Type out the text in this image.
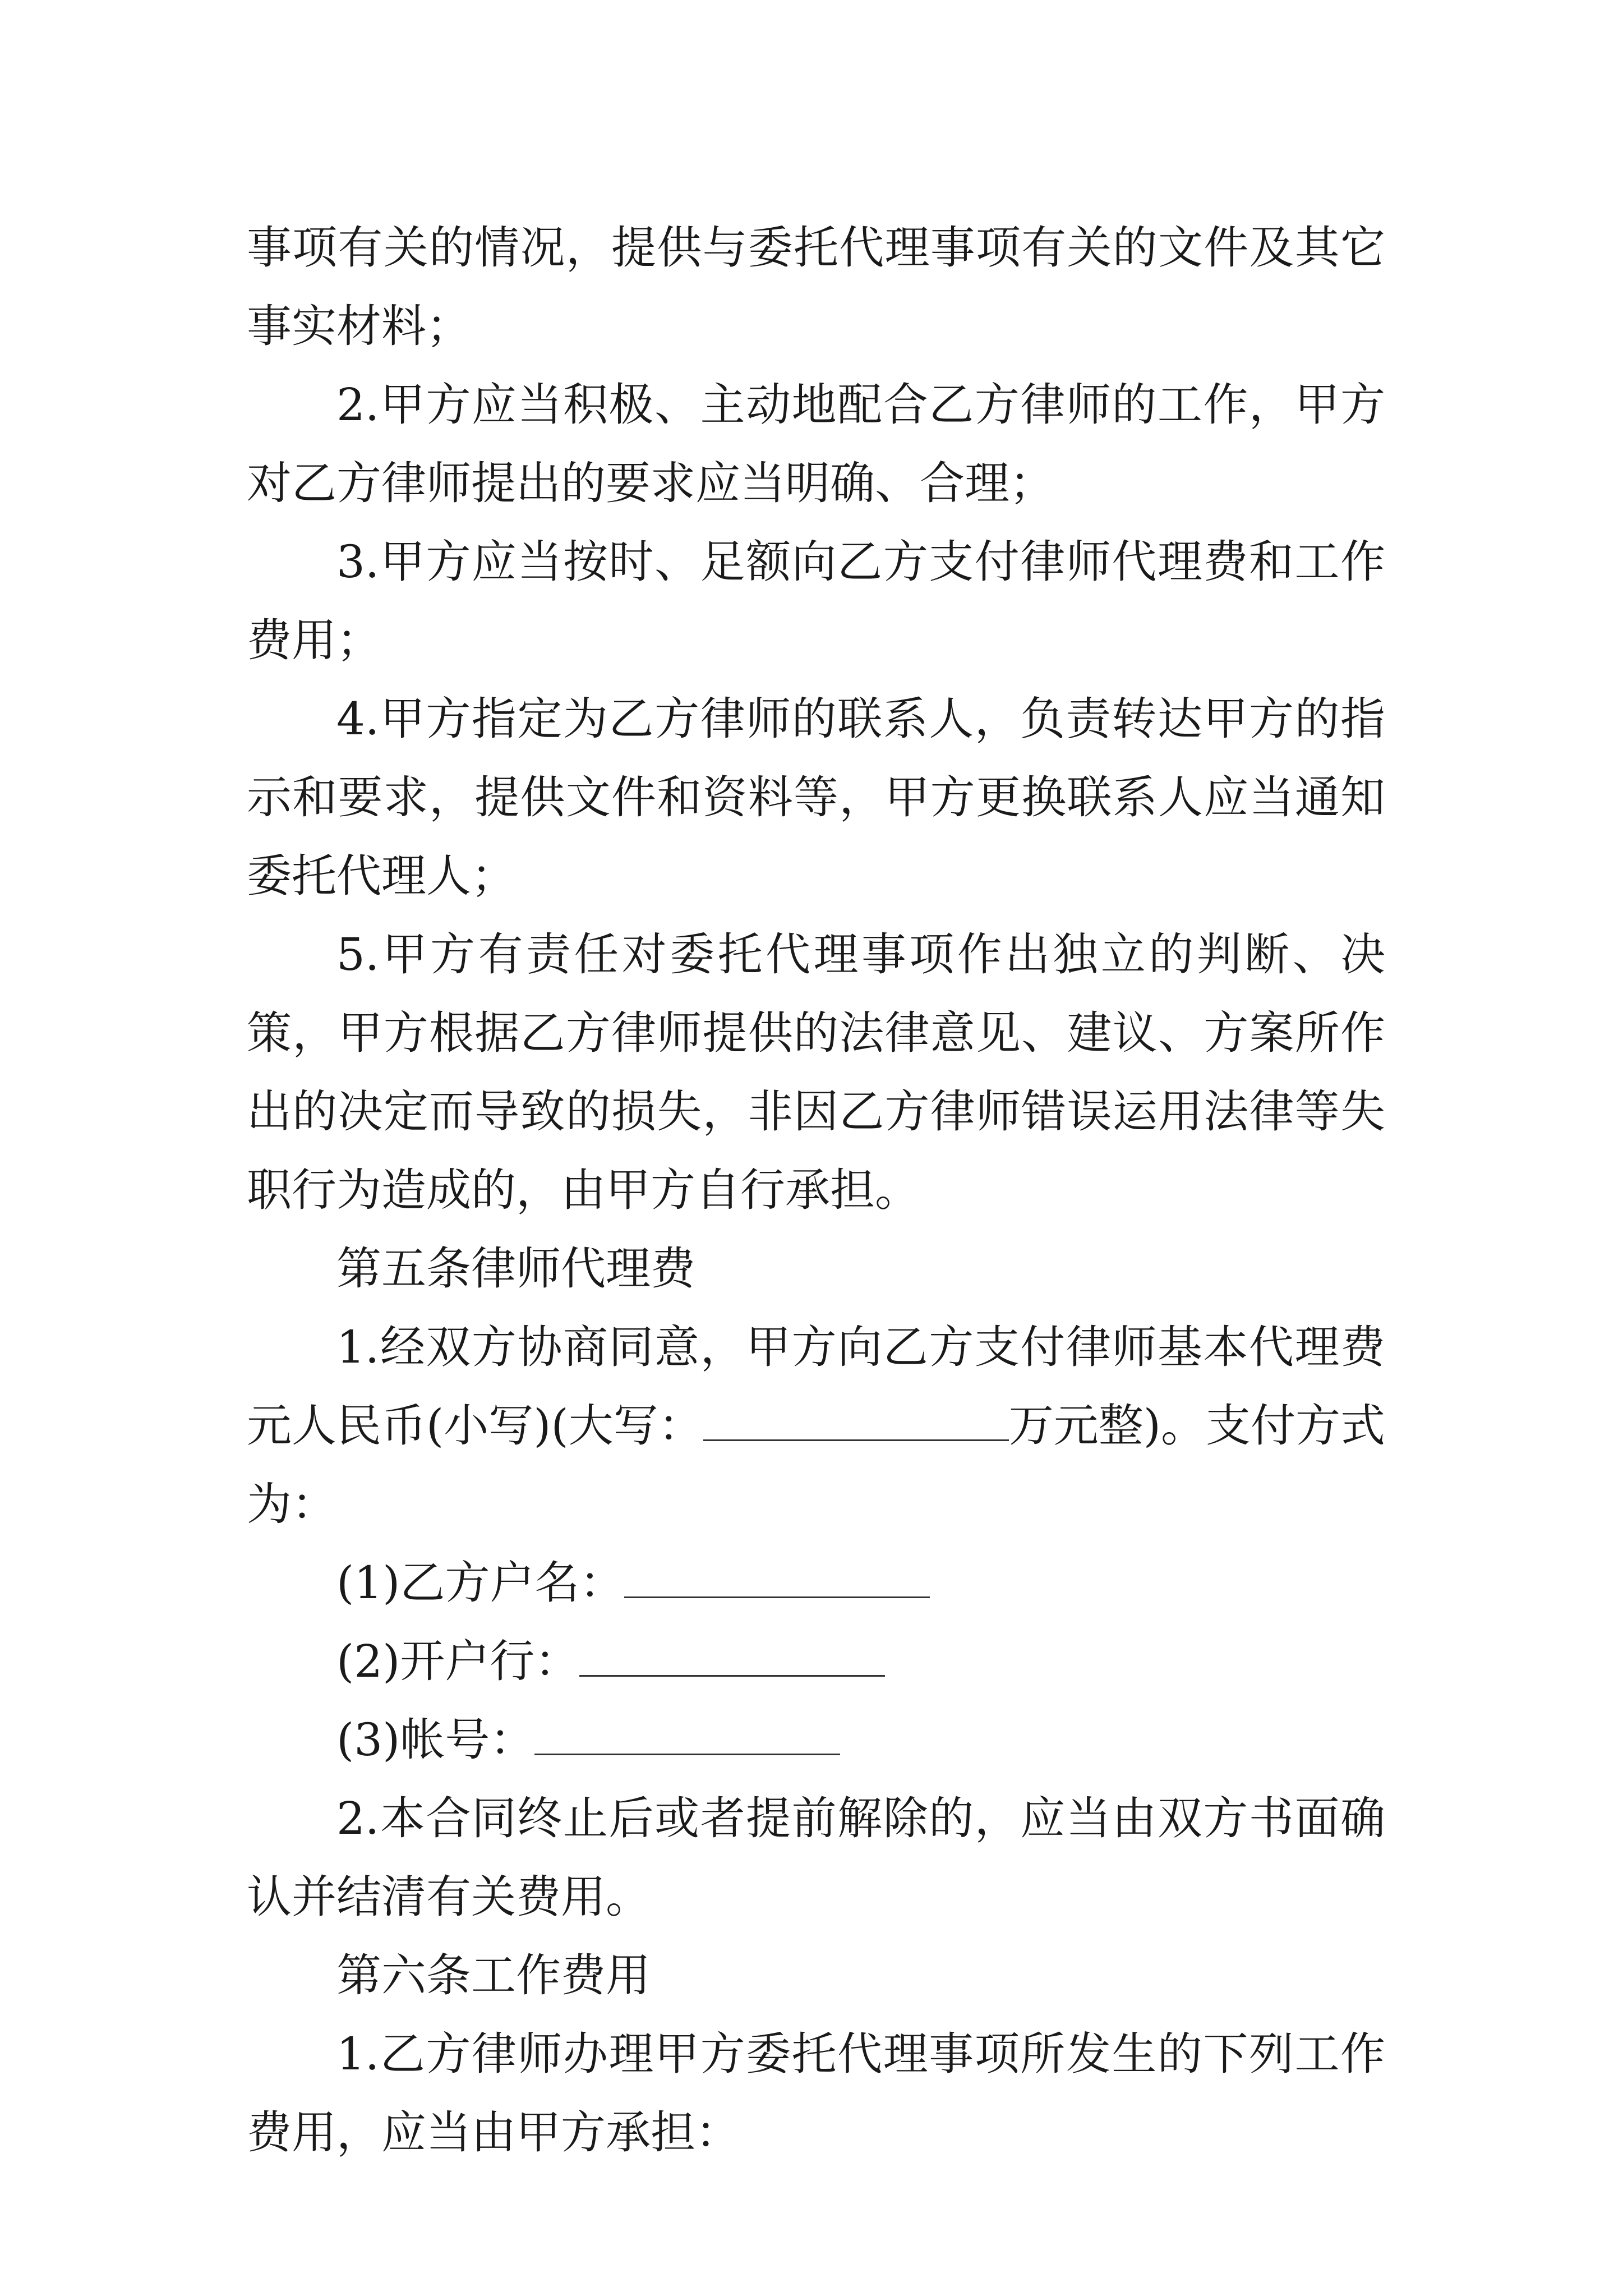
事项有关的情况，提供与委托代理事项有关的文件及其它事实材料；

2.甲方应当积极、主动地配合乙方律师的工作，甲方对乙方律师提出的要求应当明确、合理；

3.甲方应当按时、足额向乙方支付律师代理费和工作费用；

4.甲方指定为乙方律师的联系人，负责转达甲方的指示和要求，提供文件和资料等，甲方更换联系人应当通知委托代理人；

5.甲方有责任对委托代理事项作出独立的判断、决策，甲方根据乙方律师提供的法律意见、建议、方案所作出的决定而导致的损失，非因乙方律师错误运用法律等失职行为造成的，由甲方自行承担。

第五条律师代理费

1.经双方协商同意，甲方向乙方支付律师基本代理费元人民币(小写)(大写：	万元整)。支付方式为：

(1)乙方户名：

(2)开户行：

(3)帐号：

2.本合同终止后或者提前解除的，应当由双方书面确认并结清有关费用。

第六条工作费用

1.乙方律师办理甲方委托代理事项所发生的下列工作费用，应当由甲方承担：
